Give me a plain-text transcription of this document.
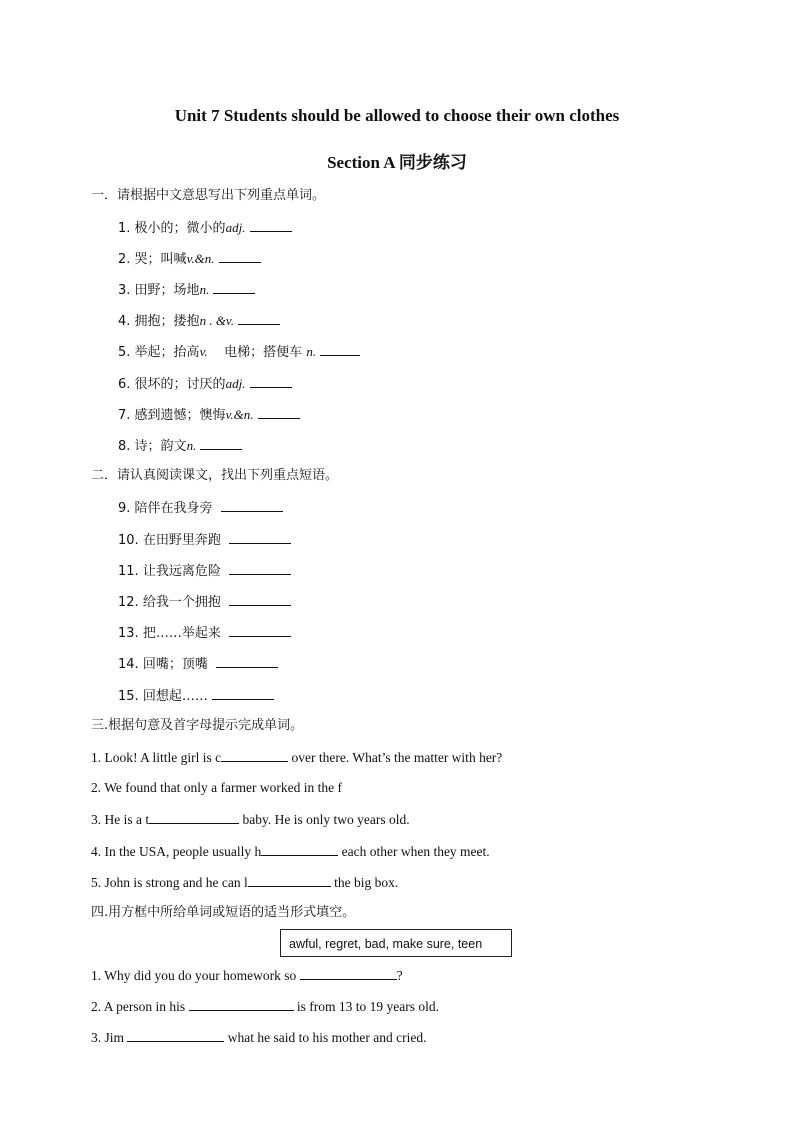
Unit 7 Students should be allowed to choose their own clothes
Section A 同步练习
一．请根据中文意思写出下列重点单词。
1. 极小的；微小的adj.
2. 哭；叫喊v.&n.
3. 田野；场地n.
4. 拥抱；搂抱n . &v.
5. 举起；抬高v. 电梯；搭便车 n.
6. 很坏的；讨厌的adj.
7. 感到遗憾；懊悔v.&n.
8. 诗；韵文n.
二．请认真阅读课文，找出下列重点短语。
9. 陪伴在我身旁
10. 在田野里奔跑
11. 让我远离危险
12. 给我一个拥抱
13. 把……举起来
14. 回嘴；顶嘴
15. 回想起……
三.根据句意及首字母提示完成单词。
1. Look! A little girl is c	over there. What’s the matter with her?
2. We found that only a farmer worked in the f
3. He is a t	baby. He is only two years old.
4. In the USA, people usually h	each other when they meet.
5. John is strong and he can l	the big box.
四.用方框中所给单词或短语的适当形式填空。
awful, regret, bad, make sure, teen
1. Why did you do your homework so	?
2. A person in his	is from 13 to 19 years old.
3. Jim	what he said to his mother and cried.
